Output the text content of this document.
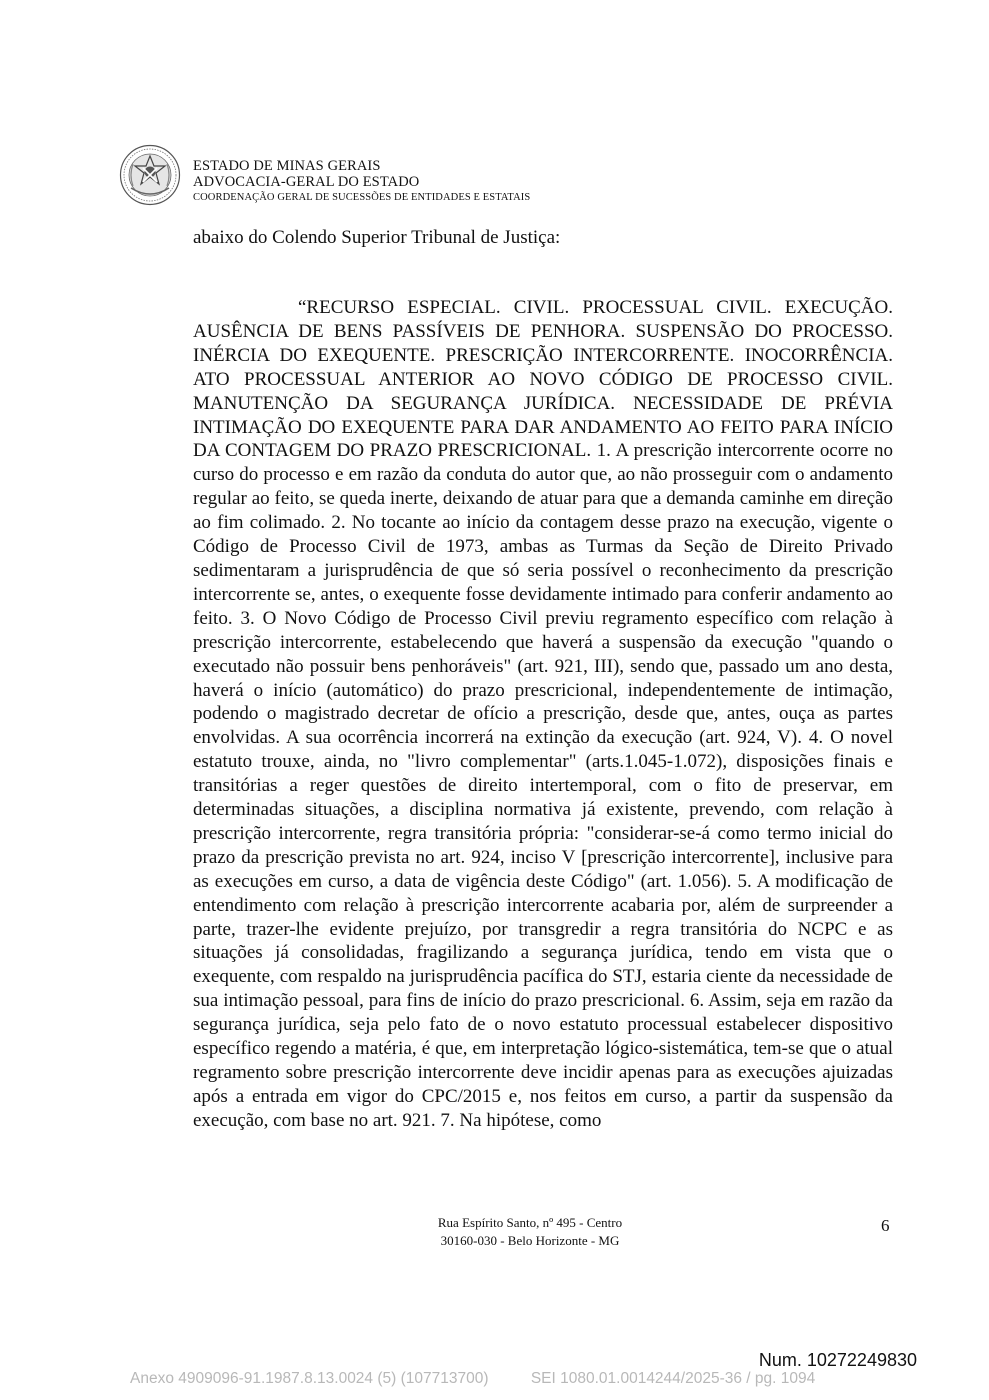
ESTADO DE MINAS GERAIS
ADVOCACIA-GERAL DO ESTADO
COORDENAÇÃO GERAL DE SUCESSÕES DE ENTIDADES E ESTATAIS
abaixo do Colendo Superior Tribunal de Justiça:

“RECURSO ESPECIAL. CIVIL. PROCESSUAL CIVIL. EXECUÇÃO. AUSÊNCIA DE BENS PASSÍVEIS DE PENHORA. SUSPENSÃO DO PROCESSO. INÉRCIA DO EXEQUENTE. PRESCRIÇÃO INTERCORRENTE. INOCORRÊNCIA. ATO PROCESSUAL ANTERIOR AO NOVO CÓDIGO DE PROCESSO CIVIL. MANUTENÇÃO DA SEGURANÇA JURÍDICA. NECESSIDADE DE PRÉVIA INTIMAÇÃO DO EXEQUENTE PARA DAR ANDAMENTO AO FEITO PARA INÍCIO DA CONTAGEM DO PRAZO PRESCRICIONAL. 1. A prescrição intercorrente ocorre no curso do processo e em razão da conduta do autor que, ao não prosseguir com o andamento regular ao feito, se queda inerte, deixando de atuar para que a demanda caminhe em direção ao fim colimado. 2. No tocante ao início da contagem desse prazo na execução, vigente o Código de Processo Civil de 1973, ambas as Turmas da Seção de Direito Privado sedimentaram a jurisprudência de que só seria possível o reconhecimento da prescrição intercorrente se, antes, o exequente fosse devidamente intimado para conferir andamento ao feito. 3. O Novo Código de Processo Civil previu regramento específico com relação à prescrição intercorrente, estabelecendo que haverá a suspensão da execução "quando o executado não possuir bens penhoráveis" (art. 921, III), sendo que, passado um ano desta, haverá o início (automático) do prazo prescricional, independentemente de intimação, podendo o magistrado decretar de ofício a prescrição, desde que, antes, ouça as partes envolvidas. A sua ocorrência incorrerá na extinção da execução (art. 924, V). 4. O novel estatuto trouxe, ainda, no "livro complementar" (arts.1.045-1.072), disposições finais e transitórias a reger questões de direito intertemporal, com o fito de preservar, em determinadas situações, a disciplina normativa já existente, prevendo, com relação à prescrição intercorrente, regra transitória própria: "considerar-se-á como termo inicial do prazo da prescrição prevista no art. 924, inciso V [prescrição intercorrente], inclusive para as execuções em curso, a data de vigência deste Código" (art. 1.056). 5. A modificação de entendimento com relação à prescrição intercorrente acabaria por, além de surpreender a parte, trazer-lhe evidente prejuízo, por transgredir a regra transitória do NCPC e as situações já consolidadas, fragilizando a segurança jurídica, tendo em vista que o exequente, com respaldo na jurisprudência pacífica do STJ, estaria ciente da necessidade de sua intimação pessoal, para fins de início do prazo prescricional. 6. Assim, seja em razão da segurança jurídica, seja pelo fato de o novo estatuto processual estabelecer dispositivo específico regendo a matéria, é que, em interpretação lógico-sistemática, tem-se que o atual regramento sobre prescrição intercorrente deve incidir apenas para as execuções ajuizadas após a entrada em vigor do CPC/2015 e, nos feitos em curso, a partir da suspensão da execução, com base no art. 921. 7. Na hipótese, como

Rua Espírito Santo, nº 495 - Centro
30160-030 - Belo Horizonte - MG
6
Num. 10272249830
Anexo 4909096-91.1987.8.13.0024 (5) (107713700)	SEI 1080.01.0014244/2025-36 / pg. 1094
